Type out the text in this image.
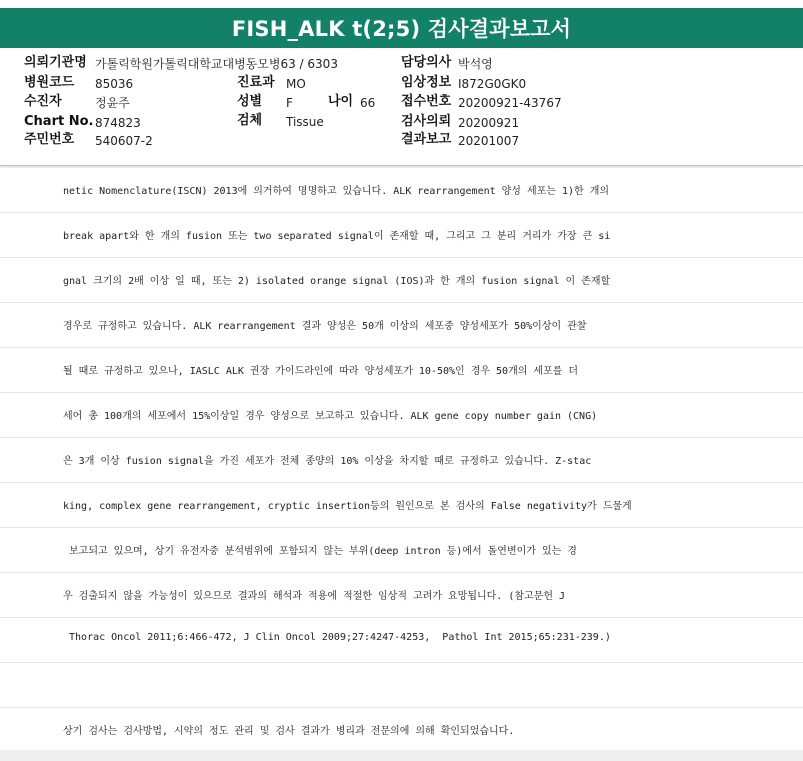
FISH_ALK t(2;5) 검사결과보고서
의뢰기관명 가톨릭학원가톨릭대학교대병동모병63 / 6303
병원코드 85036
수진자	정윤주
Chart No. 874823
주민번호 540607-2
진료과 MO
성별 F	나이 66
검체 Tissue
담당의사 박석영
임상정보 I872G0GK0
접수번호 20200921-43767
검사의뢰 20200921
결과보고 20201007
netic Nomenclature(ISCN) 2013에 의거하여 명명하고 있습니다. ALK rearrangement 양성 세포는 1)한 개의
break apart와 한 개의 fusion 또는 two separated signal이 존재할 때, 그리고 그 분리 거리가 가장 큰 si
gnal 크기의 2배 이상 일 때, 또는 2) isolated orange signal (IOS)과 한 개의 fusion signal 이 존재할
경우로 규정하고 있습니다. ALK rearrangement 결과 양성은 50개 이상의 세포중 양성세포가 50%이상이 관찰
될 때로 규정하고 있으나, IASLC ALK 권장 가이드라인에 따라 양성세포가 10-50%인 경우 50개의 세포를 더
세어 총 100개의 세포에서 15%이상일 경우 양성으로 보고하고 있습니다. ALK gene copy number gain (CNG)
은 3개 이상 fusion signal을 가진 세포가 전체 종양의 10% 이상을 차지할 때로 규정하고 있습니다. Z-stac
king, complex gene rearrangement, cryptic insertion등의 원인으로 본 검사의 False negativity가 드물게
보고되고 있으며, 상기 유전자중 분석범위에 포함되지 않는 부위(deep intron 등)에서 돌연변이가 있는 경
우 검출되지 않을 가능성이 있으므로 결과의 해석과 적용에 적절한 임상적 고려가 요망됩니다. (참고문헌 J
Thorac Oncol 2011;6:466-472, J Clin Oncol 2009;27:4247-4253,  Pathol Int 2015;65:231-239.)
상기 검사는 검사방법, 시약의 정도 관리 및 검사 결과가 병리과 전문의에 의해 확인되었습니다.
